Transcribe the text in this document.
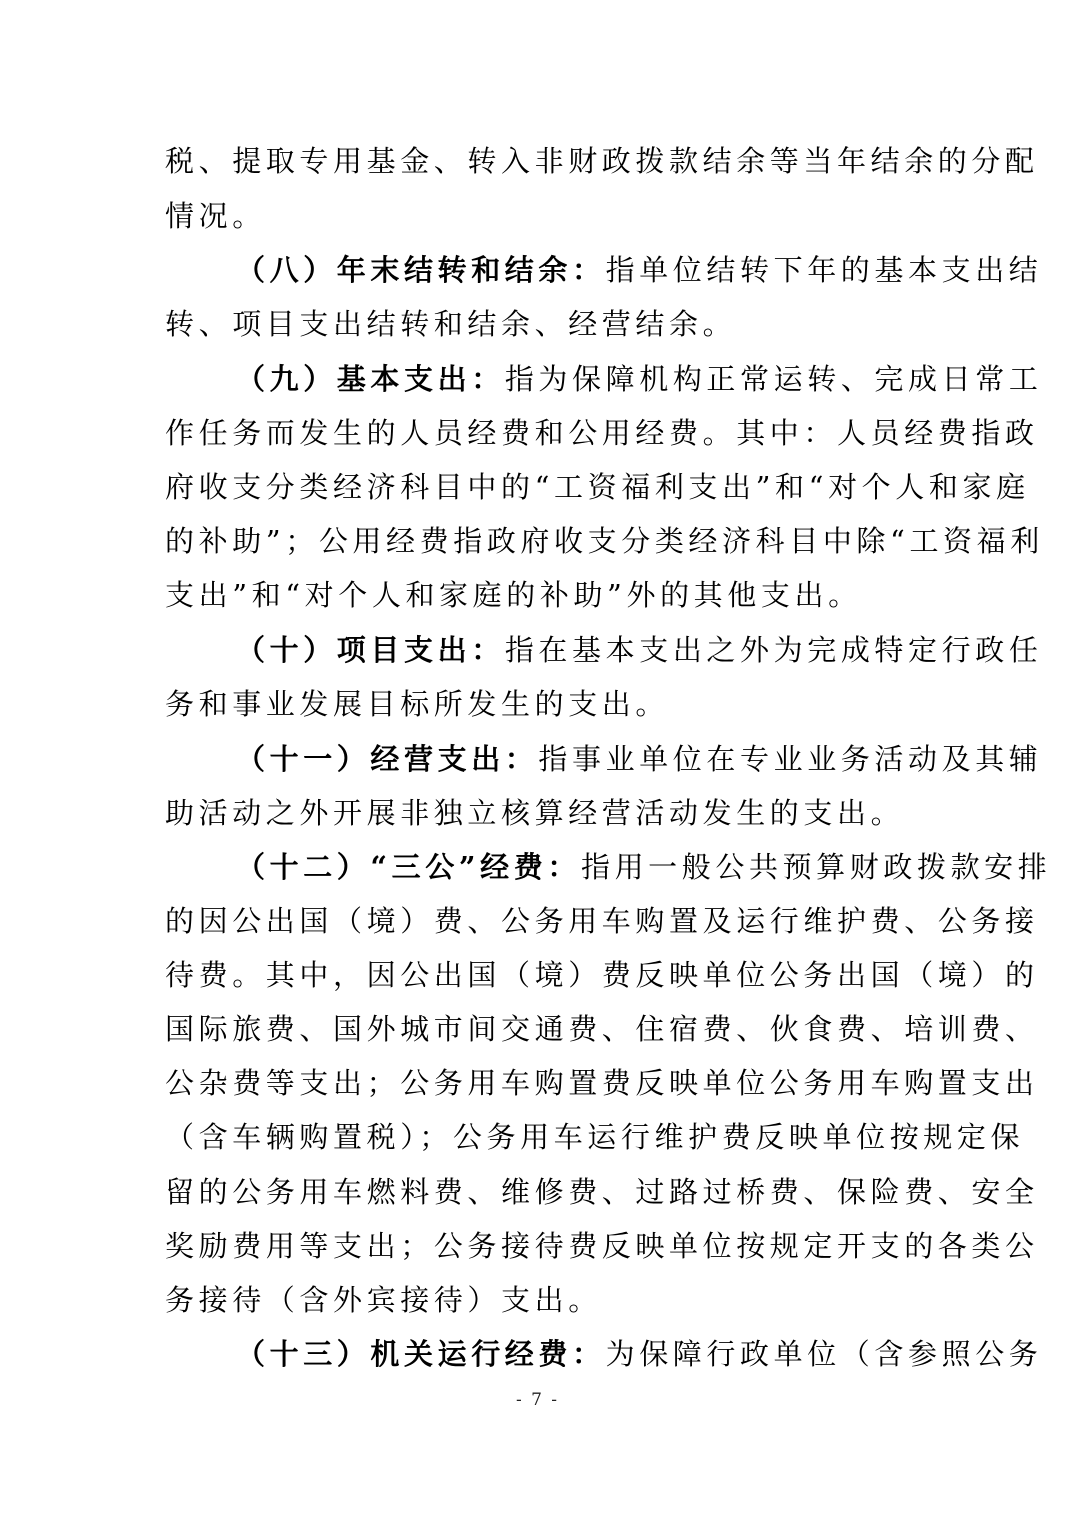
税、提取专用基金、转入非财政拨款结余等当年结余的分配
情况。
（八）年末结转和结余：指单位结转下年的基本支出结
转、项目支出结转和结余、经营结余。
（九）基本支出：指为保障机构正常运转、完成日常工
作任务而发生的人员经费和公用经费。其中：人员经费指政
府收支分类经济科目中的“工资福利支出”和“对个人和家庭
的补助”；公用经费指政府收支分类经济科目中除“工资福利
支出”和“对个人和家庭的补助”外的其他支出。
（十）项目支出：指在基本支出之外为完成特定行政任
务和事业发展目标所发生的支出。
（十一）经营支出：指事业单位在专业业务活动及其辅
助活动之外开展非独立核算经营活动发生的支出。
（十二）“三公”经费：指用一般公共预算财政拨款安排
的因公出国（境）费、公务用车购置及运行维护费、公务接
待费。其中，因公出国（境）费反映单位公务出国（境）的
国际旅费、国外城市间交通费、住宿费、伙食费、培训费、
公杂费等支出；公务用车购置费反映单位公务用车购置支出
（含车辆购置税）；公务用车运行维护费反映单位按规定保
留的公务用车燃料费、维修费、过路过桥费、保险费、安全
奖励费用等支出；公务接待费反映单位按规定开支的各类公
务接待（含外宾接待）支出。
（十三）机关运行经费：为保障行政单位（含参照公务
- 7 -
